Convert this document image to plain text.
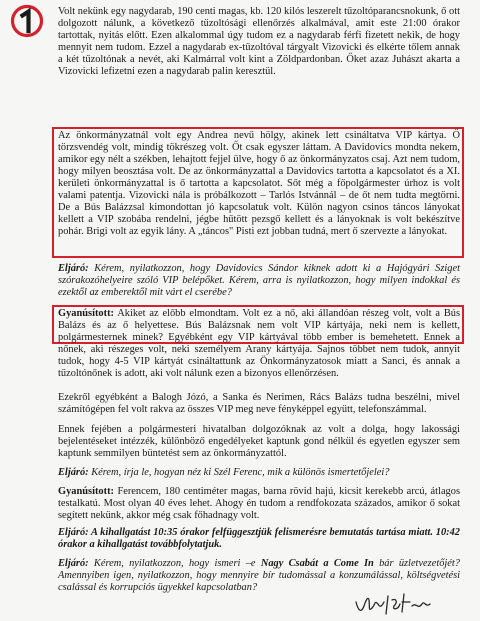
Volt nekünk egy nagydarab, 190 centi magas, kb. 120 kilós leszerelt tűzoltóparancsnokunk, ő ott dolgozott nálunk, a következő tűzoltósági ellenőrzés alkalmával, amit este 21:00 órakor tartottak, nyitás előtt. Ezen alkalommal úgy tudom ez a nagydarab férfi fizetett nekik, de hogy mennyit nem tudom. Ezzel a nagydarab ex-tűzoltóval tárgyalt Vizovicki és elkérte tőlem annak a két tűzoltónak a nevét, aki Kalmárral volt kint a Zöldpardonban. Őket azaz Juhászt akarta a Vizovicki lefizetni ezen a nagydarab palin keresztül.

Az önkormányzatnál volt egy Andrea nevű hölgy, akinek lett csináltatva VIP kártya. Ő törzsvendég volt, mindig tökrészeg volt. Őt csak egyszer láttam. A Davidovics mondta nekem, amikor egy nélt a székben, lehajtott fejjel ülve, hogy ő az önkormányzatos csaj. Azt nem tudom, hogy milyen beosztása volt. De az önkormányzattal a Davidovics tartotta a kapcsolatot és a XI. kerületi önkormányzattal is ő tartotta a kapcsolatot. Sőt még a főpolgármester úrhoz is volt valami patentja. Vizovicki nála is próbálkozott – Tarlós Istvánnál – de őt nem tudta megtörni. De a Bús Balázzsal kimondottan jó kapcsolatuk volt. Külön nagyon csinos táncos lányokat kellett a VIP szobába rendelni, jégbe hűtött pezsgő kellett és a lányoknak is volt bekészítve pohár. Brigi volt az egyik lány. A „táncos" Pisti ezt jobban tudná, mert ő szervezte a lányokat.

Eljáró: Kérem, nyilatkozzon, hogy Davidovics Sándor kiknek adott ki a Hajógyári Sziget szórakozóhelyeire szóló VIP belépőket. Kérem, arra is nyilatkozzon, hogy milyen indokkal és ezektől az emberektől mit várt el cserébe?

Gyanúsított: Akiket az előbb elmondtam. Volt ez a nő, aki állandóan részeg volt, volt a Bús Balázs és az ő helyettese. Bús Balázsnak nem volt VIP kártyája, neki nem is kellett, polgármesternek minek? Egyébként egy VIP kártyával több ember is bemehetett. Ennek a nőnek, aki részeges volt, neki személyem Arany kártyája. Sajnos többet nem tudok, annyit tudok, hogy 4-5 VIP kártyát csináltattunk az Önkormányzatosok miatt a Sanci, és annak a tűzoltónőnek is adott, aki volt nálunk ezen a bizonyos ellenőrzésen.

Ezekről egyébként a Balogh Józó, a Sanka és Nerimen, Rács Balázs tudna beszélni, mivel számítógépen fel volt rakva az összes VIP meg neve fényképpel együtt, telefonszámmal.

Ennek fejében a polgármesteri hivatalban dolgozóknak az volt a dolga, hogy lakossági bejelentéseket intézzék, különböző engedélyeket kaptunk gond nélkül és egyetlen egyszer sem kaptunk semmilyen büntetést sem az önkormányzattól.

Eljáró: Kérem, írja le, hogyan néz ki Szél Ferenc, mik a különös ismertetőjelei?

Gyanúsított: Ferencem, 180 centiméter magas, barna rövid hajú, kicsit kerekebb arcú, átlagos testalkatú. Most olyan 40 éves lehet. Ahogy én tudom a rendfokozata százados, amikor ő sokat segített nekünk, akkor még csak főhadnagy volt.

Eljáró: A kihallgatást 10:35 órakor felfüggesztjük felismerésre bemutatás tartása miatt. 10:42 órakor a kihallgatást továbbfolytatjuk.

Eljáró: Kérem, nyilatkozzon, hogy ismeri –e Nagy Csabát a Come In bár üzletvezetőjét? Amennyiben igen, nyilatkozzon, hogy mennyire bír tudomással a konzumálással, költségvetési csalással és korrupciós ügyekkel kapcsolatban?
